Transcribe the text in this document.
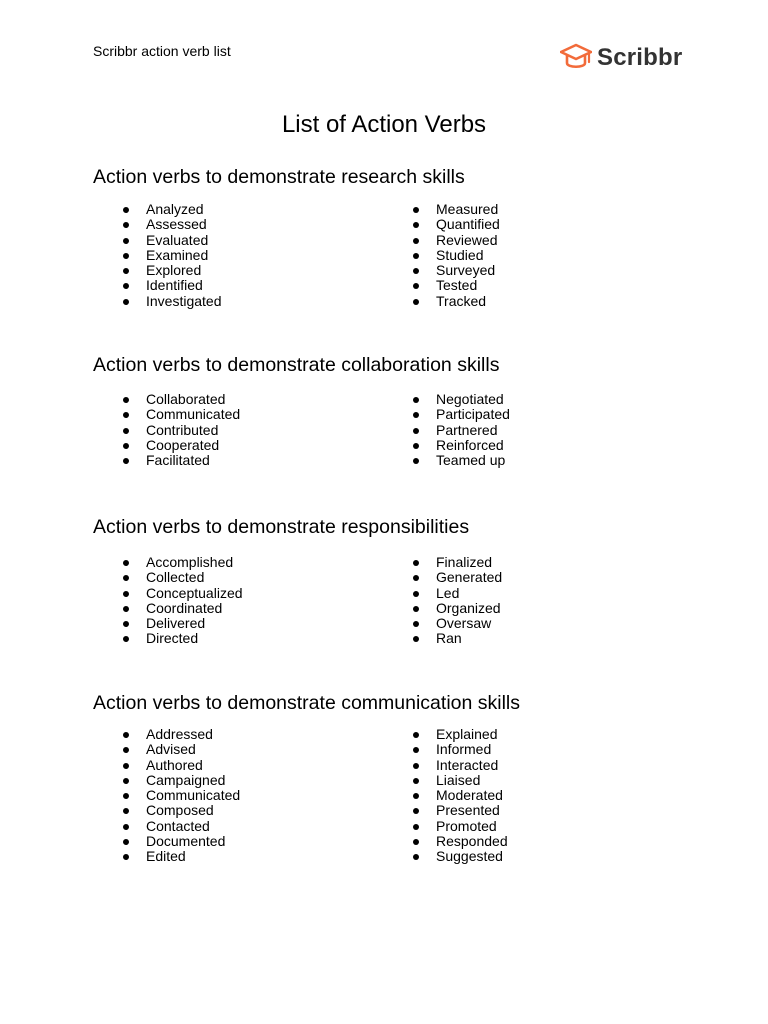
Scribbr action verb list	Scribbr
List of Action Verbs
Action verbs to demonstrate research skills
Analyzed
Assessed
Evaluated
Examined
Explored
Identified
Investigated
Measured
Quantified
Reviewed
Studied
Surveyed
Tested
Tracked
Action verbs to demonstrate collaboration skills
Collaborated
Communicated
Contributed
Cooperated
Facilitated
Negotiated
Participated
Partnered
Reinforced
Teamed up
Action verbs to demonstrate responsibilities
Accomplished
Collected
Conceptualized
Coordinated
Delivered
Directed
Finalized
Generated
Led
Organized
Oversaw
Ran
Action verbs to demonstrate communication skills
Addressed
Advised
Authored
Campaigned
Communicated
Composed
Contacted
Documented
Edited
Explained
Informed
Interacted
Liaised
Moderated
Presented
Promoted
Responded
Suggested
